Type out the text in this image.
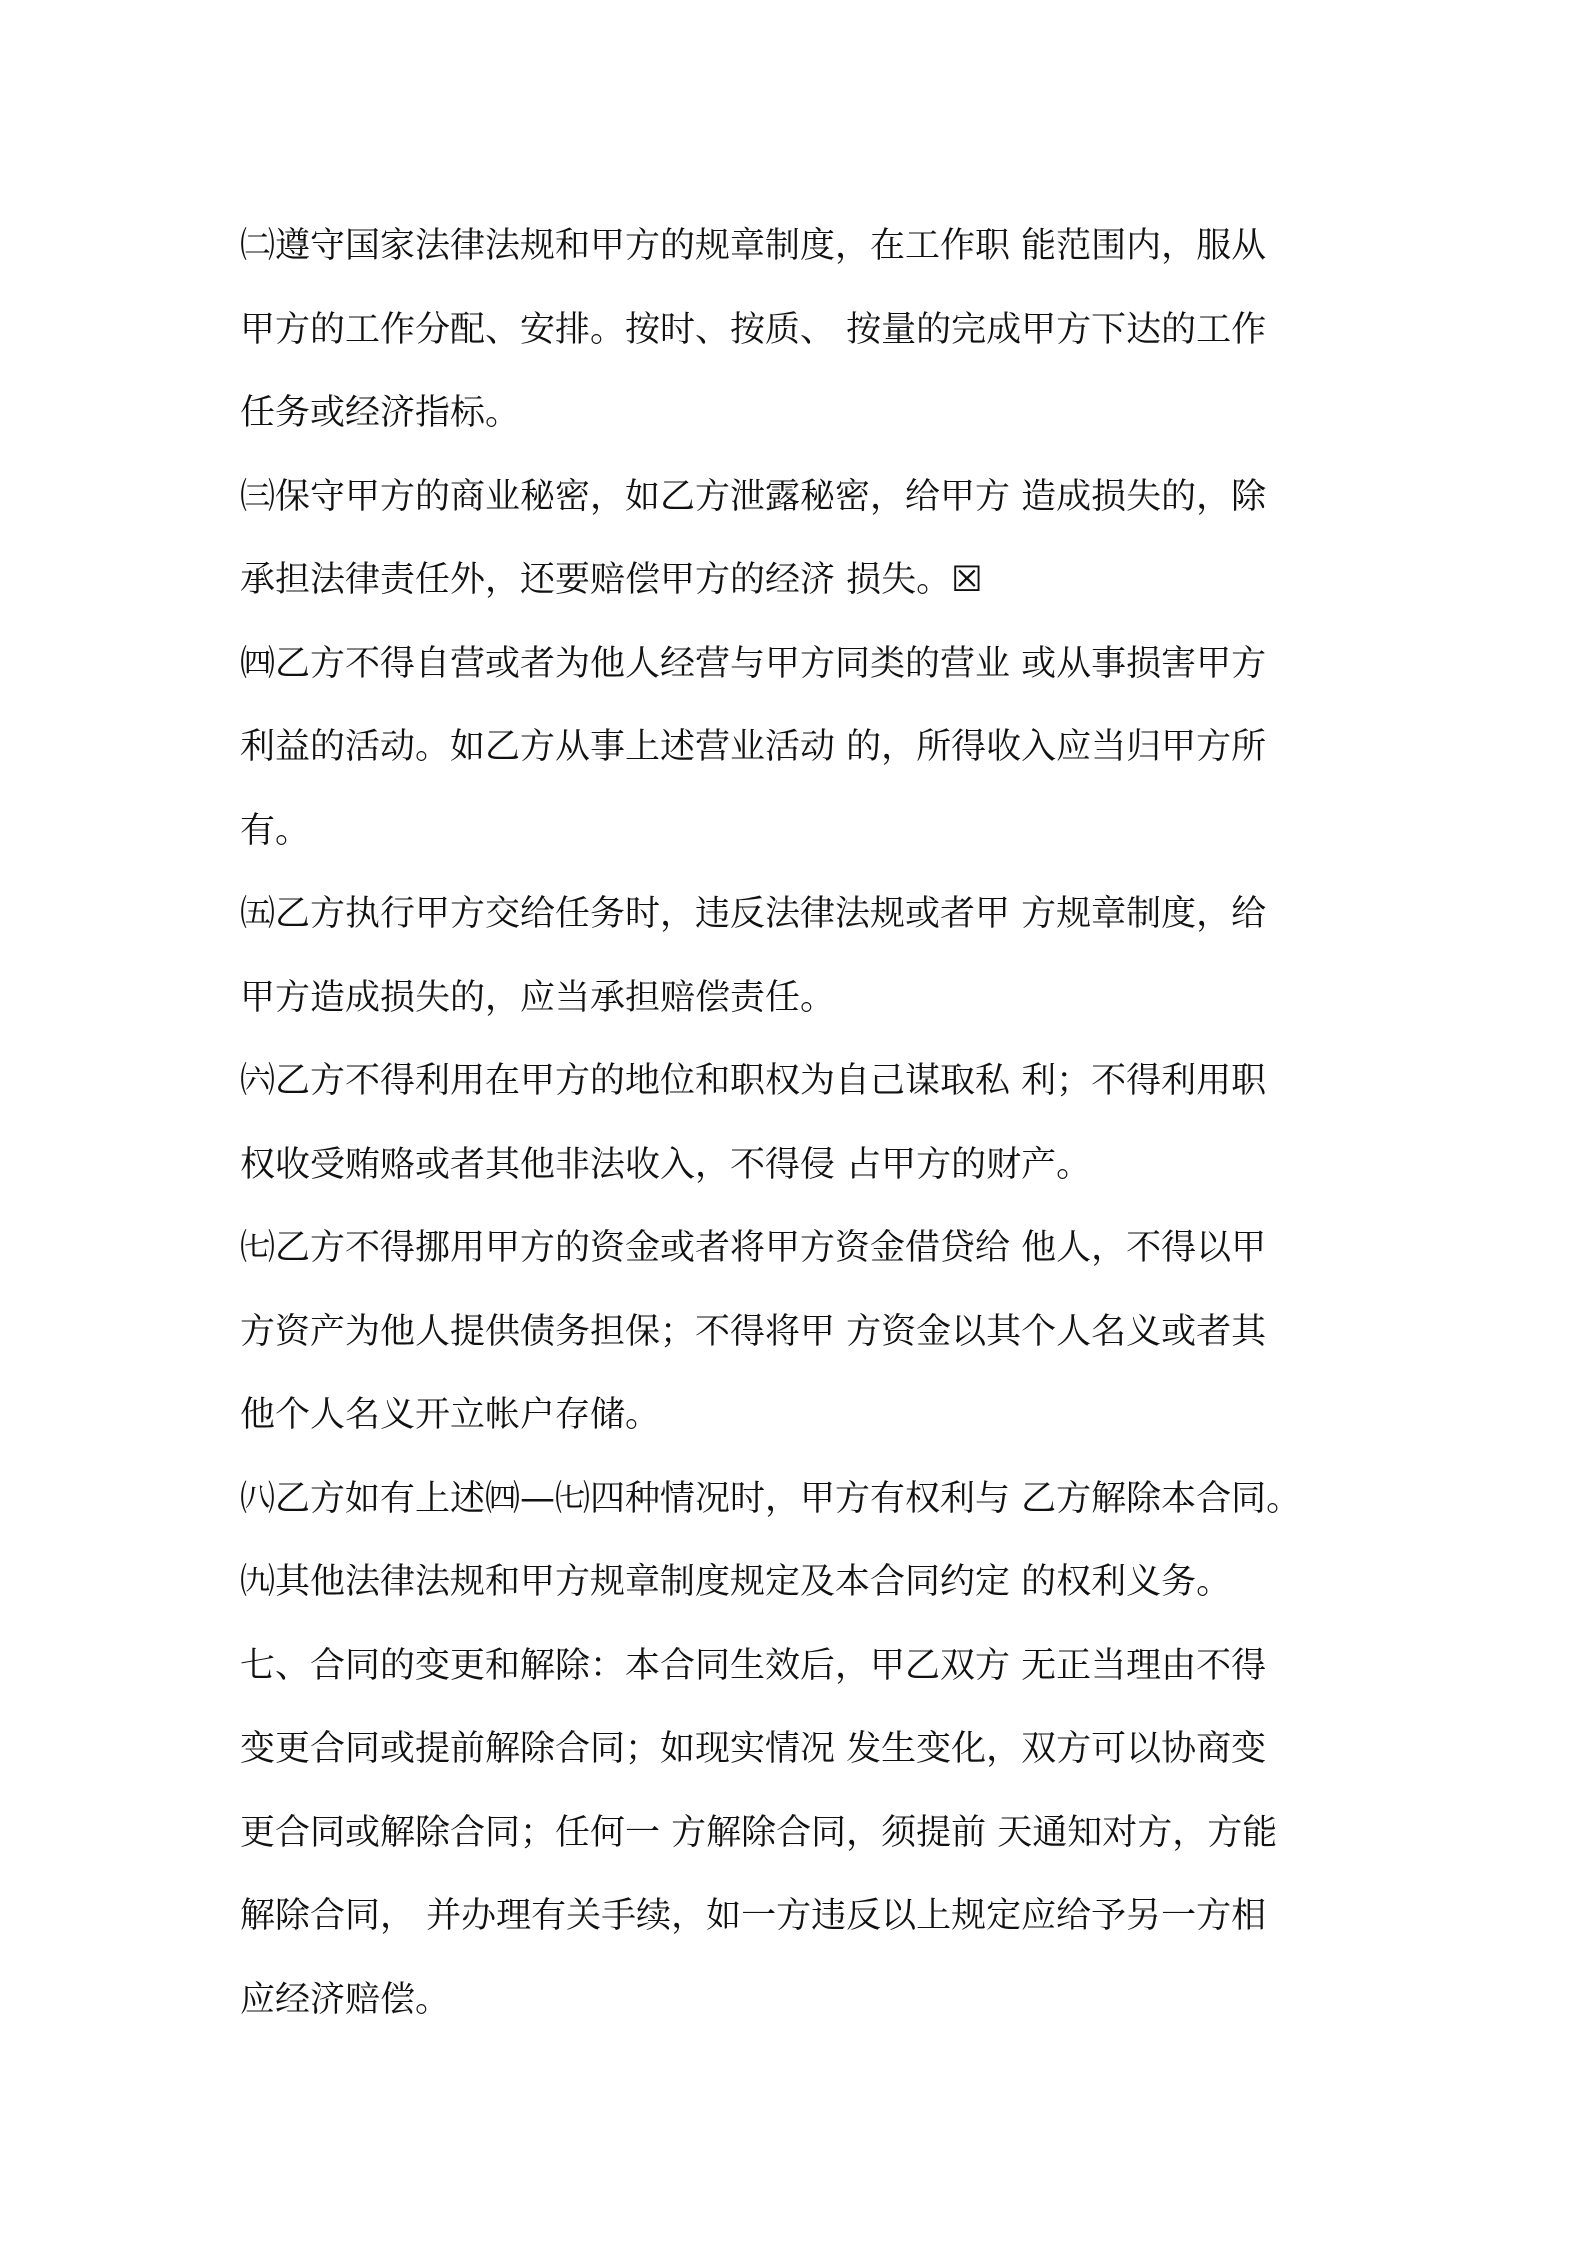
㈡遵守国家法律法规和甲方的规章制度，在工作职 能范围内，服从
甲方的工作分配、安排。按时、按质、 按量的完成甲方下达的工作
任务或经济指标。
㈢保守甲方的商业秘密，如乙方泄露秘密，给甲方 造成损失的，除
承担法律责任外，还要赔偿甲方的经济 损失。☒
㈣乙方不得自营或者为他人经营与甲方同类的营业 或从事损害甲方
利益的活动。如乙方从事上述营业活动 的，所得收入应当归甲方所
有。
㈤乙方执行甲方交给任务时，违反法律法规或者甲 方规章制度，给
甲方造成损失的，应当承担赔偿责任。
㈥乙方不得利用在甲方的地位和职权为自己谋取私 利；不得利用职
权收受贿赂或者其他非法收入，不得侵 占甲方的财产。
㈦乙方不得挪用甲方的资金或者将甲方资金借贷给 他人，不得以甲
方资产为他人提供债务担保；不得将甲 方资金以其个人名义或者其
他个人名义开立帐户存储。
㈧乙方如有上述㈣—㈦四种情况时，甲方有权利与 乙方解除本合同。
㈨其他法律法规和甲方规章制度规定及本合同约定 的权利义务。
七、合同的变更和解除：本合同生效后，甲乙双方 无正当理由不得
变更合同或提前解除合同；如现实情况 发生变化，双方可以协商变
更合同或解除合同；任何一 方解除合同，须提前 天通知对方，方能
解除合同， 并办理有关手续，如一方违反以上规定应给予另一方相
应经济赔偿。
